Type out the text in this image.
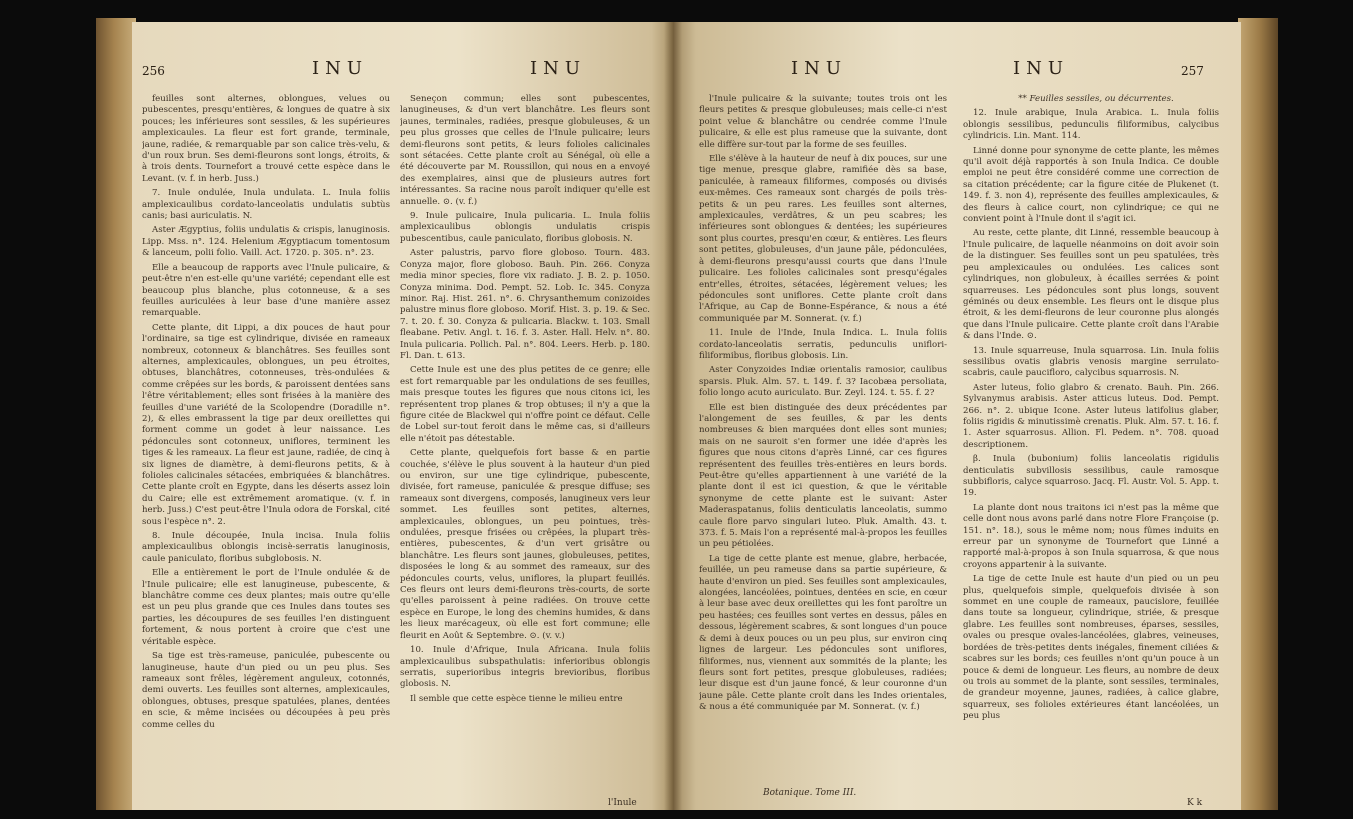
256	INU	INU

feuilles sont alternes, oblongues, velues ou pubescentes, presqu'entières, & longues de quatre à six pouces; les inférieures sont sessiles, & les supérieures amplexicaules. La fleur est fort grande, terminale, jaune, radiée, & remarquable par son calice très-velu, & d'un roux brun. Ses demi-fleurons sont longs, étroits, & à trois dents. Tournefort a trouvé cette espèce dans le Levant. (v. f. in herb. Juss.)

7. Inule ondulée, Inula undulata. L. Inula foliis amplexicaulibus cordato-lanceolatis undulatis subtùs canis; basi auriculatis. N.

Aster Ægyptius, foliis undulatis & crispis, lanuginosis. Lipp. Mss. n°. 124. Helenium Ægyptiacum tomentosum & lanceum, polii folio. Vaill. Act. 1720. p. 305. n°. 23.

Elle a beaucoup de rapports avec l'Inule pulicaire, & peut-être n'en est-elle qu'une variété; cependant elle est beaucoup plus blanche, plus cotonneuse, & a ses feuilles auriculées à leur base d'une manière assez remarquable.

Cette plante, dit Lippi, a dix pouces de haut pour l'ordinaire, sa tige est cylindrique, divisée en rameaux nombreux, cotonneux & blanchâtres. Ses feuilles sont alternes, amplexicaules, oblongues, un peu étroites, obtuses, blanchâtres, cotonneuses, très-ondulées & comme crêpées sur les bords, & paroissent dentées sans l'être véritablement; elles sont frisées à la manière des feuilles d'une variété de la Scolopendre (Doradille n°. 2), & elles embrassent la tige par deux oreillettes qui forment comme un godet à leur naissance. Les pédoncules sont cotonneux, uniflores, terminent les tiges & les rameaux. La fleur est jaune, radiée, de cinq à six lignes de diamètre, à demi-fleurons petits, & à folioles calicinales sétacées, embriquées & blanchâtres. Cette plante croît en Egypte, dans les déserts assez loin du Caire; elle est extrêmement aromatique. (v. f. in herb. Juss.) C'est peut-être l'Inula odora de Forskal, cité sous l'espèce n°. 2.

8. Inule découpée, Inula incisa. Inula foliis amplexicaulibus oblongis incisè-serratis lanuginosis, caule paniculato, floribus subglobosis. N.

Elle a entièrement le port de l'Inule ondulée & de l'Inule pulicaire; elle est lanugineuse, pubescente, & blanchâtre comme ces deux plantes; mais outre qu'elle est un peu plus grande que ces Inules dans toutes ses parties, les découpures de ses feuilles l'en distinguent fortement, & nous portent à croire que c'est une véritable espèce.

Sa tige est très-rameuse, paniculée, pubescente ou lanugineuse, haute d'un pied ou un peu plus. Ses rameaux sont frêles, légèrement anguleux, cotonnés, demi ouverts. Les feuilles sont alternes, amplexicaules, oblongues, obtuses, presque spatulées, planes, dentées en scie, & même incisées ou découpées à peu près comme celles du

Seneçon commun; elles sont pubescentes, lanugineuses, & d'un vert blanchâtre. Les fleurs sont jaunes, terminales, radiées, presque globuleuses, & un peu plus grosses que celles de l'Inule pulicaire; leurs demi-fleurons sont petits, & leurs folioles calicinales sont sétacées. Cette plante croît au Sénégal, où elle a été découverte par M. Roussillon, qui nous en a envoyé des exemplaires, ainsi que de plusieurs autres fort intéressantes. Sa racine nous paroît indiquer qu'elle est annuelle. ⊙. (v. f.)

9. Inule pulicaire, Inula pulicaria. L. Inula foliis amplexicaulibus oblongis undulatis crispis pubescentibus, caule paniculato, floribus globosis. N.

Aster palustris, parvo flore globoso. Tourn. 483. Conyza major, flore globoso. Bauh. Pin. 266. Conyza media minor species, flore vix radiato. J. B. 2. p. 1050. Conyza minima. Dod. Pempt. 52. Lob. Ic. 345. Conyza minor. Raj. Hist. 261. n°. 6. Chrysanthemum conizoides palustre minus flore globoso. Morif. Hist. 3. p. 19. & Sec. 7. t. 20. f. 30. Conyza & pulicaria. Blackw. t. 103. Small fleabane. Petiv. Angl. t. 16. f. 3. Aster. Hall. Helv. n°. 80. Inula pulicaria. Pollich. Pal. n°. 804. Leers. Herb. p. 180. Fl. Dan. t. 613.

Cette Inule est une des plus petites de ce genre; elle est fort remarquable par les ondulations de ses feuilles, mais presque toutes les figures que nous citons ici, les représentent trop planes & trop obtuses; il n'y a que la figure citée de Blackwel qui n'offre point ce défaut. Celle de Lobel sur-tout feroit dans le même cas, si d'ailleurs elle n'étoit pas détestable.

Cette plante, quelquefois fort basse & en partie couchée, s'élève le plus souvent à la hauteur d'un pied ou environ, sur une tige cylindrique, pubescente, divisée, fort rameuse, paniculée & presque diffuse; ses rameaux sont divergens, composés, lanugineux vers leur sommet. Les feuilles sont petites, alternes, amplexicaules, oblongues, un peu pointues, très-ondulées, presque frisées ou crêpées, la plupart très-entières, pubescentes, & d'un vert grisâtre ou blanchâtre. Les fleurs sont jaunes, globuleuses, petites, disposées le long & au sommet des rameaux, sur des pédoncules courts, velus, uniflores, la plupart feuillés. Ces fleurs ont leurs demi-fleurons très-courts, de sorte qu'elles paroissent à peine radiées. On trouve cette espèce en Europe, le long des chemins humides, & dans les lieux marécageux, où elle est fort commune; elle fleurit en Août & Septembre. ⊙. (v. v.)

10. Inule d'Afrique, Inula Africana. Inula foliis amplexicaulibus subspathulatis: inferioribus oblongis serratis, superioribus integris brevioribus, floribus globosis. N.

Il semble que cette espèce tienne le milieu entre

l'Inule
INU	INU	257

l'Inule pulicaire & la suivante; toutes trois ont les fleurs petites & presque globuleuses; mais celle-ci n'est point velue & blanchâtre ou cendrée comme l'Inule pulicaire, & elle est plus rameuse que la suivante, dont elle diffère sur-tout par la forme de ses feuilles.

Elle s'élève à la hauteur de neuf à dix pouces, sur une tige menue, presque glabre, ramifiée dès sa base, paniculée, à rameaux filiformes, composés ou divisés eux-mêmes. Ces rameaux sont chargés de poils très-petits & un peu rares. Les feuilles sont alternes, amplexicaules, verdâtres, & un peu scabres; les inférieures sont oblongues & dentées; les supérieures sont plus courtes, presqu'en cœur, & entières. Les fleurs sont petites, globuleuses, d'un jaune pâle, pédonculées, à demi-fleurons presqu'aussi courts que dans l'Inule pulicaire. Les folioles calicinales sont presqu'égales entr'elles, étroites, sétacées, légèrement velues; les pédoncules sont uniflores. Cette plante croît dans l'Afrique, au Cap de Bonne-Espérance, & nous a été communiquée par M. Sonnerat. (v. f.)

11. Inule de l'Inde, Inula Indica. L. Inula foliis cordato-lanceolatis serratis, pedunculis uniflori-filiformibus, floribus globosis. Lin.

Aster Conyzoides Indiæ orientalis ramosior, caulibus sparsis. Pluk. Alm. 57. t. 149. f. 3? Iacobæa persoliata, folio longo acuto auriculato. Bur. Zeyl. 124. t. 55. f. 2?

Elle est bien distinguée des deux précédentes par l'alongement de ses feuilles, & par les dents nombreuses & bien marquées dont elles sont munies; mais on ne sauroit s'en former une idée d'après les figures que nous citons d'après Linné, car ces figures représentent des feuilles très-entières en leurs bords. Peut-être qu'elles appartiennent à une variété de la plante dont il est ici question, & que le véritable synonyme de cette plante est le suivant: Aster Maderaspatanus, foliis denticulatis lanceolatis, summo caule flore parvo singulari luteo. Pluk. Amalth. 43. t. 373. f. 5. Mais l'on a représenté mal-à-propos les feuilles un peu pétiolées.

La tige de cette plante est menue, glabre, herbacée, feuillée, un peu rameuse dans sa partie supérieure, & haute d'environ un pied. Ses feuilles sont amplexicaules, alongées, lancéolées, pointues, dentées en scie, en cœur à leur base avec deux oreillettes qui les font paroître un peu hastées; ces feuilles sont vertes en dessus, pâles en dessous, légèrement scabres, & sont longues d'un pouce & demi à deux pouces ou un peu plus, sur environ cinq lignes de largeur. Les pédoncules sont uniflores, filiformes, nus, viennent aux sommités de la plante; les fleurs sont fort petites, presque globuleuses, radiées; leur disque est d'un jaune foncé, & leur couronne d'un jaune pâle. Cette plante croît dans les Indes orientales, & nous a été communiquée par M. Sonnerat. (v. f.)

Botanique. Tome III.

** Feuilles sessiles, ou décurrentes.

12. Inule arabique, Inula Arabica. L. Inula foliis oblongis sessilibus, pedunculis filiformibus, calycibus cylindricis. Lin. Mant. 114.

Linné donne pour synonyme de cette plante, les mêmes qu'il avoit déjà rapportés à son Inula Indica. Ce double emploi ne peut être considéré comme une correction de sa citation précédente; car la figure citée de Plukenet (t. 149. f. 3. non 4), représente des feuilles amplexicaules, & des fleurs à calice court, non cylindrique; ce qui ne convient point à l'Inule dont il s'agit ici.

Au reste, cette plante, dit Linné, ressemble beaucoup à l'Inule pulicaire, de laquelle néanmoins on doit avoir soin de la distinguer. Ses feuilles sont un peu spatulées, très peu amplexicaules ou ondulées. Les calices sont cylindriques, non globuleux, à écailles serrées & point squarreuses. Les pédoncules sont plus longs, souvent géminés ou deux ensemble. Les fleurs ont le disque plus étroit, & les demi-fleurons de leur couronne plus alongés que dans l'Inule pulicaire. Cette plante croît dans l'Arabie & dans l'Inde. ⊙.

13. Inule squarreuse, Inula squarrosa. Lin. Inula foliis sessilibus ovatis glabris venosis margine serrulato-scabris, caule paucifloro, calycibus squarrosis. N.

Aster luteus, folio glabro & crenato. Bauh. Pin. 266. Sylvanymus arabisis. Aster atticus luteus. Dod. Pempt. 266. n°. 2. ubique Icone. Aster luteus latifolius glaber, foliis rigidis & minutissimè crenatis. Pluk. Alm. 57. t. 16. f. 1. Aster squarrosus. Allion. Fl. Pedem. n°. 708. quoad descriptionem.

β. Inula (bubonium) foliis lanceolatis rigidulis denticulatis subvillosis sessilibus, caule ramosque subbifloris, calyce squarroso. Jacq. Fl. Austr. Vol. 5. App. t. 19.

La plante dont nous traitons ici n'est pas la même que celle dont nous avons parlé dans notre Flore Françoise (p. 151. n°. 18.), sous le même nom; nous fûmes induits en erreur par un synonyme de Tournefort que Linné a rapporté mal-à-propos à son Inula squarrosa, & que nous croyons appartenir à la suivante.

La tige de cette Inule est haute d'un pied ou un peu plus, quelquefois simple, quelquefois divisée à son sommet en une couple de rameaux, paucislore, feuillée dans toute sa longueur, cylindrique, striée, & presque glabre. Les feuilles sont nombreuses, éparses, sessiles, ovales ou presque ovales-lancéolées, glabres, veineuses, bordées de très-petites dents inégales, finement ciliées & scabres sur les bords; ces feuilles n'ont qu'un pouce à un pouce & demi de longueur. Les fleurs, au nombre de deux ou trois au sommet de la plante, sont sessiles, terminales, de grandeur moyenne, jaunes, radiées, à calice glabre, squarreux, ses folioles extérieures étant lancéolées, un peu plus

K k
